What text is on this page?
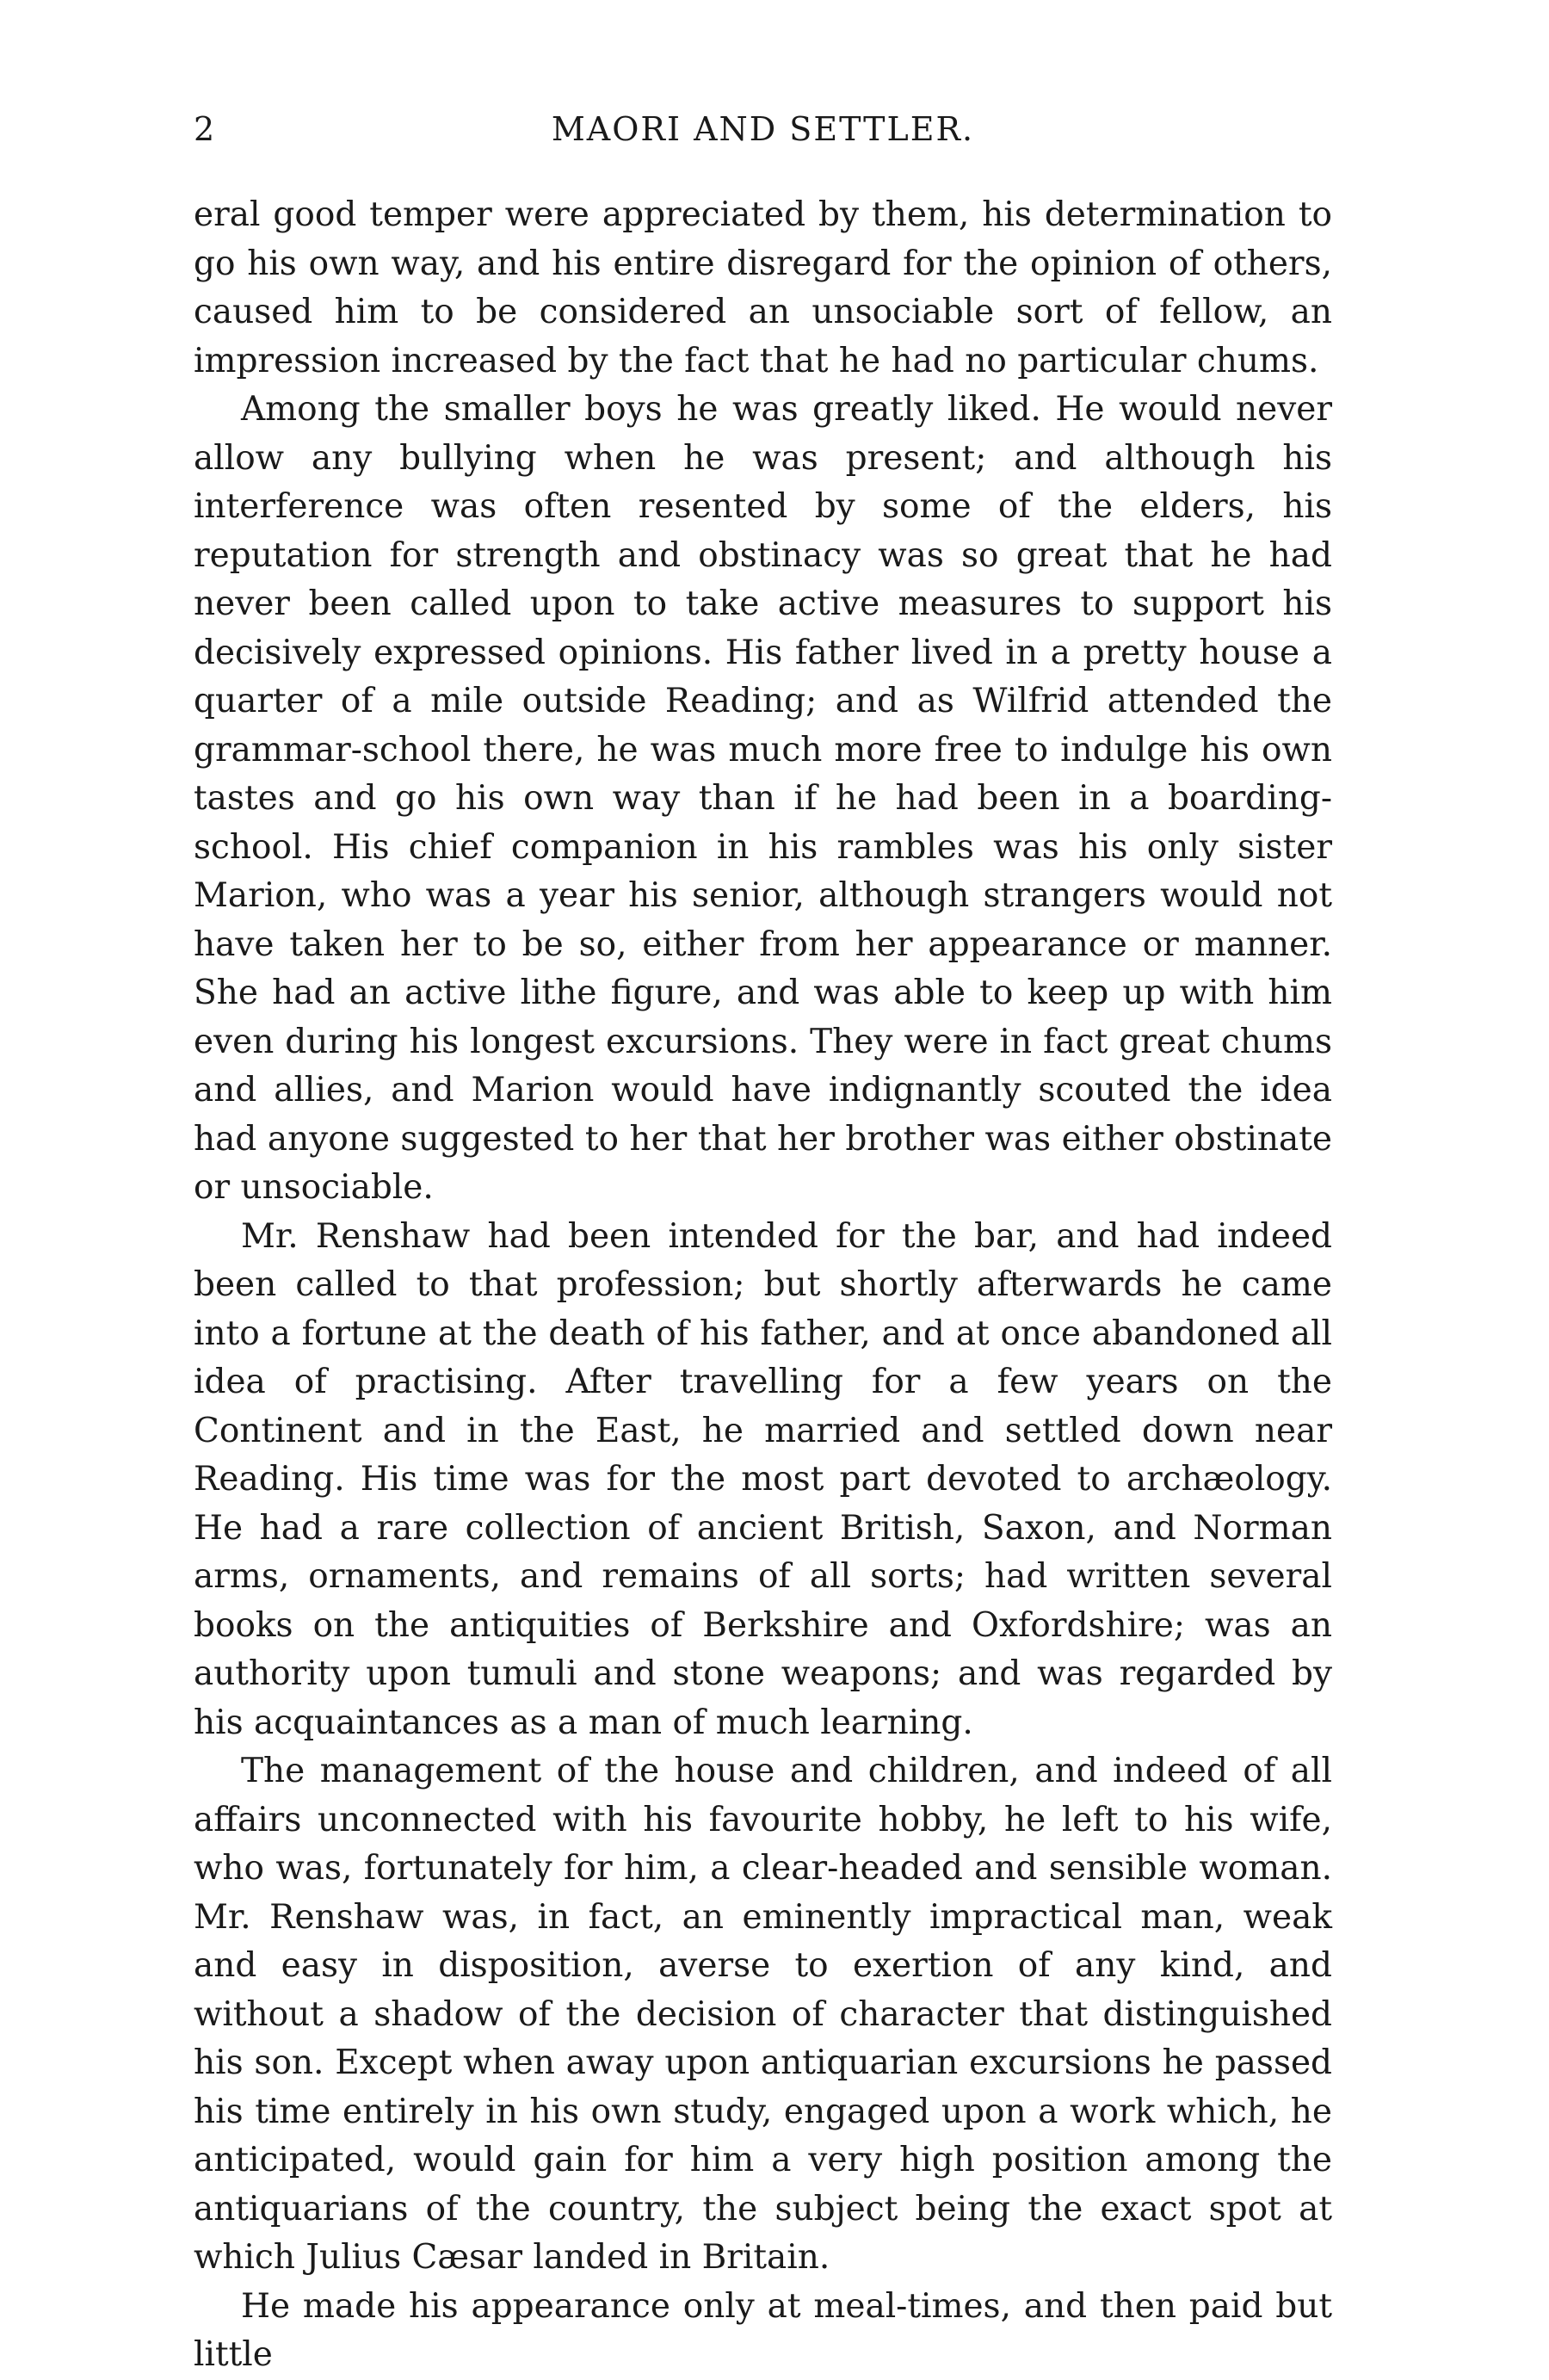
2	MAORI AND SETTLER.

eral good temper were appreciated by them, his determination to go his own way, and his entire disregard for the opinion of others, caused him to be considered an unsociable sort of fellow, an impression increased by the fact that he had no particular chums.

Among the smaller boys he was greatly liked. He would never allow any bullying when he was present; and although his interference was often resented by some of the elders, his reputation for strength and obstinacy was so great that he had never been called upon to take active measures to support his decisively expressed opinions. His father lived in a pretty house a quarter of a mile outside Reading; and as Wilfrid attended the grammar-school there, he was much more free to indulge his own tastes and go his own way than if he had been in a boarding-school. His chief companion in his rambles was his only sister Marion, who was a year his senior, although strangers would not have taken her to be so, either from her appearance or manner. She had an active lithe figure, and was able to keep up with him even during his longest excursions. They were in fact great chums and allies, and Marion would have indignantly scouted the idea had anyone suggested to her that her brother was either obstinate or unsociable.

Mr. Renshaw had been intended for the bar, and had indeed been called to that profession; but shortly afterwards he came into a fortune at the death of his father, and at once abandoned all idea of practising. After travelling for a few years on the Continent and in the East, he married and settled down near Reading. His time was for the most part devoted to archæology. He had a rare collection of ancient British, Saxon, and Norman arms, ornaments, and remains of all sorts; had written several books on the antiquities of Berkshire and Oxfordshire; was an authority upon tumuli and stone weapons; and was regarded by his acquaintances as a man of much learning.

The management of the house and children, and indeed of all affairs unconnected with his favourite hobby, he left to his wife, who was, fortunately for him, a clear-headed and sensible woman. Mr. Renshaw was, in fact, an eminently impractical man, weak and easy in disposition, averse to exertion of any kind, and without a shadow of the decision of character that distinguished his son. Except when away upon antiquarian excursions he passed his time entirely in his own study, engaged upon a work which, he anticipated, would gain for him a very high position among the antiquarians of the country, the subject being the exact spot at which Julius Cæsar landed in Britain.

He made his appearance only at meal-times, and then paid but little
